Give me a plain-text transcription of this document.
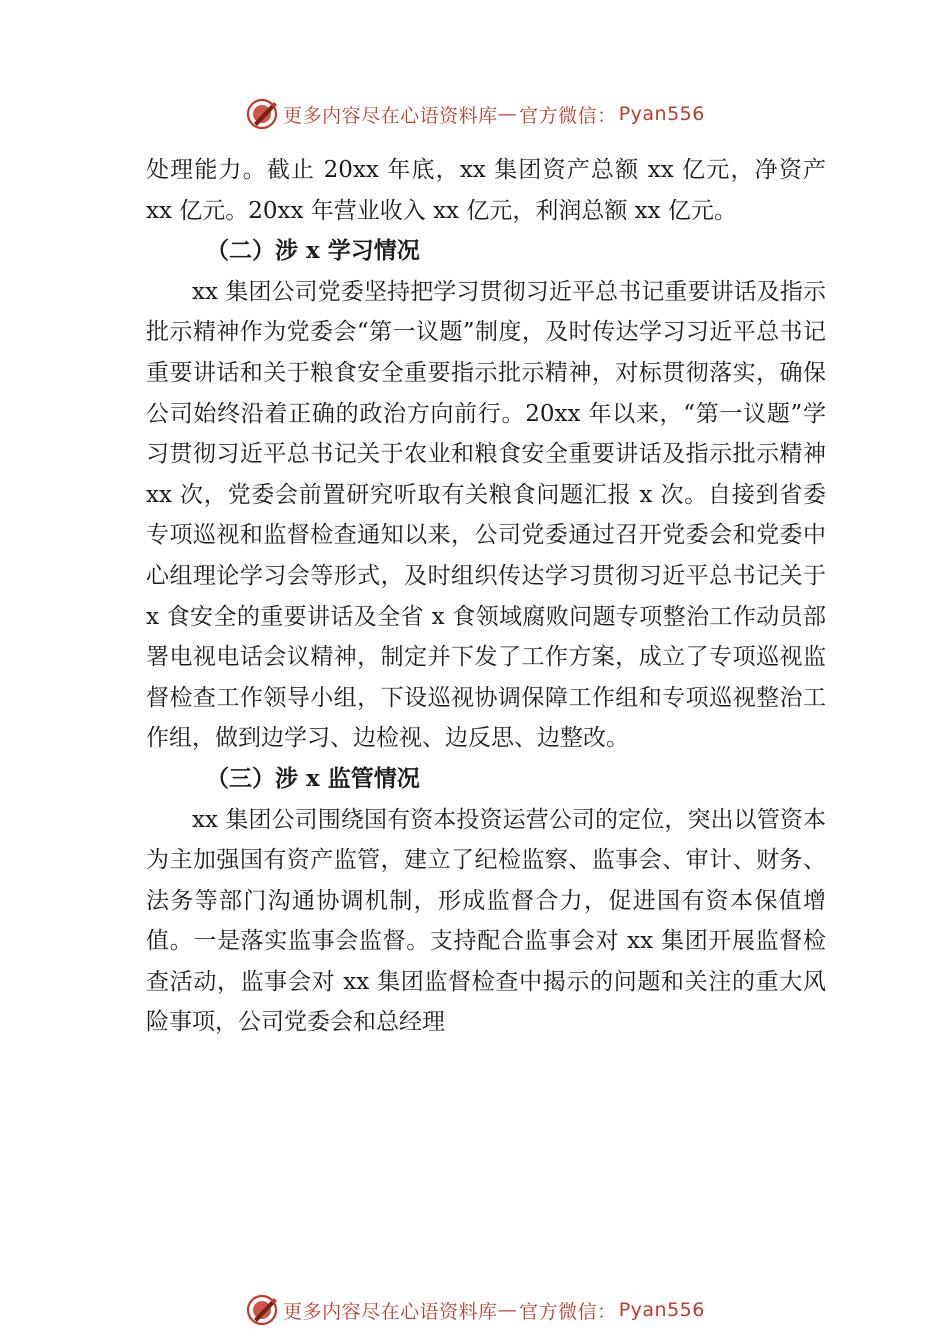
更多内容尽在心语资料库 — 官方微信： Pyan556

处理能力。截止 20xx 年底，xx 集团资产总额 xx 亿元，净资产 xx 亿元。20xx 年营业收入 xx 亿元，利润总额 xx 亿元。

（二）涉 x 学习情况

xx 集团公司党委坚持把学习贯彻习近平总书记重要讲话及指示批示精神作为党委会“第一议题”制度，及时传达学习习近平总书记重要讲话和关于粮食安全重要指示批示精神，对标贯彻落实，确保公司始终沿着正确的政治方向前行。20xx 年以来，“第一议题”学习贯彻习近平总书记关于农业和粮食安全重要讲话及指示批示精神 xx 次，党委会前置研究听取有关粮食问题汇报 x 次。自接到省委专项巡视和监督检查通知以来，公司党委通过召开党委会和党委中心组理论学习会等形式，及时组织传达学习贯彻习近平总书记关于 x 食安全的重要讲话及全省 x 食领域腐败问题专项整治工作动员部署电视电话会议精神，制定并下发了工作方案，成立了专项巡视监督检查工作领导小组，下设巡视协调保障工作组和专项巡视整治工作组，做到边学习、边检视、边反思、边整改。

（三）涉 x 监管情况

xx 集团公司围绕国有资本投资运营公司的定位，突出以管资本为主加强国有资产监管，建立了纪检监察、监事会、审计、财务、法务等部门沟通协调机制，形成监督合力，促进国有资本保值增值。一是落实监事会监督。支持配合监事会对 xx 集团开展监督检查活动，监事会对 xx 集团监督检查中揭示的问题和关注的重大风险事项，公司党委会和总经理

更多内容尽在心语资料库 — 官方微信： Pyan556
